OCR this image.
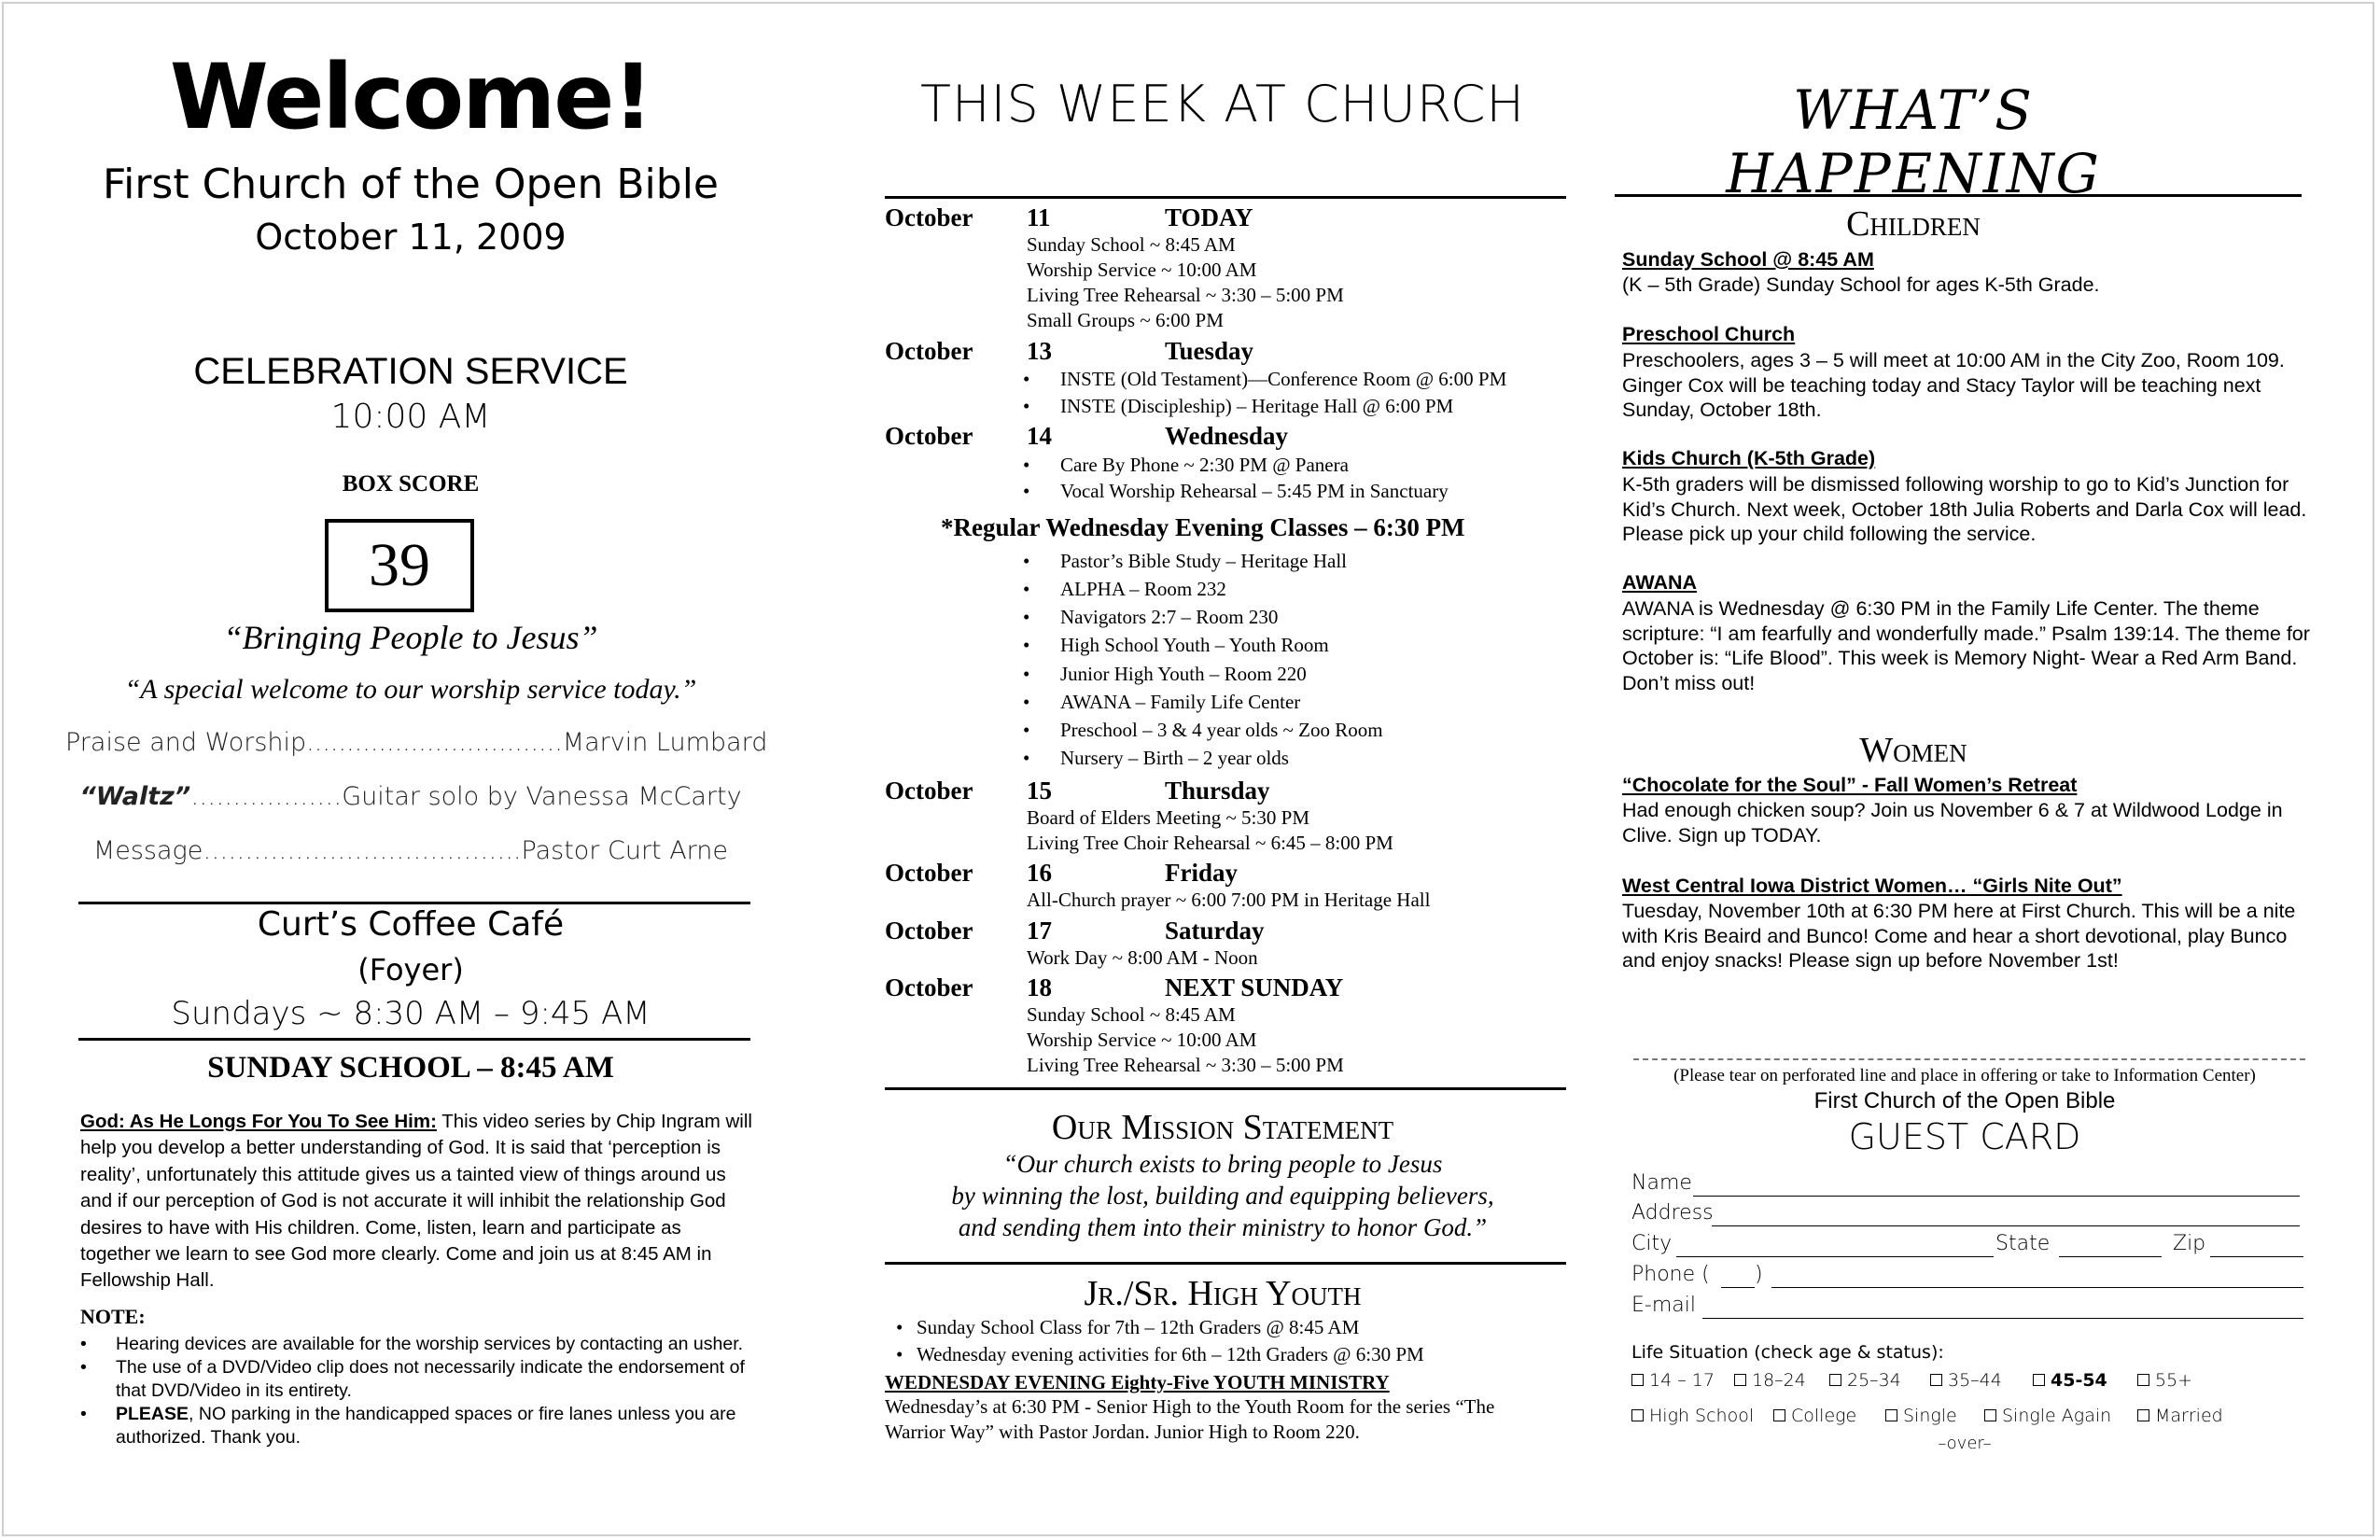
Welcome!
First Church of the Open Bible
October 11, 2009
CELEBRATION SERVICE
10:00 AM
BOX SCORE
39
“Bringing People to Jesus”
“A special welcome to our worship service today.”
Praise and Worship................................Marvin Lumbard
“Waltz”………………Guitar solo by Vanessa McCarty
Message………………………………..Pastor Curt Arne
Curt’s Coffee Café
(Foyer)
Sundays ~ 8:30 AM – 9:45 AM
SUNDAY SCHOOL – 8:45 AM
God: As He Longs For You To See Him: This video series by Chip Ingram will help you develop a better understanding of God. It is said that ‘perception is reality’, unfortunately this attitude gives us a tainted view of things around us and if our perception of God is not accurate it will inhibit the relationship God desires to have with His children. Come, listen, learn and participate as together we learn to see God more clearly. Come and join us at 8:45 AM in Fellowship Hall.
NOTE:
• Hearing devices are available for the worship services by contacting an usher.
• The use of a DVD/Video clip does not necessarily indicate the endorsement of that DVD/Video in its entirety.
• PLEASE, NO parking in the handicapped spaces or fire lanes unless you are authorized. Thank you.
THIS WEEK AT CHURCH
October 11	TODAY
Sunday School ~ 8:45 AM
Worship Service ~ 10:00 AM
Living Tree Rehearsal ~ 3:30 – 5:00 PM
Small Groups ~ 6:00 PM
October 13	Tuesday
• INSTE (Old Testament)—Conference Room @ 6:00 PM
• INSTE (Discipleship) – Heritage Hall @ 6:00 PM
October 14	Wednesday
• Care By Phone ~ 2:30 PM @ Panera
• Vocal Worship Rehearsal – 5:45 PM in Sanctuary
*Regular Wednesday Evening Classes – 6:30 PM
• Pastor’s Bible Study – Heritage Hall
• ALPHA – Room 232
• Navigators 2:7 – Room 230
• High School Youth – Youth Room
• Junior High Youth – Room 220
• AWANA – Family Life Center
• Preschool – 3 & 4 year olds ~ Zoo Room
• Nursery – Birth – 2 year olds
October 15	Thursday
Board of Elders Meeting ~ 5:30 PM
Living Tree Choir Rehearsal ~ 6:45 – 8:00 PM
October 16	Friday
All-Church prayer ~ 6:00 7:00 PM in Heritage Hall
October 17	Saturday
Work Day ~ 8:00 AM - Noon
October 18	NEXT SUNDAY
Sunday School ~ 8:45 AM
Worship Service ~ 10:00 AM
Living Tree Rehearsal ~ 3:30 – 5:00 PM
Our Mission Statement
“Our church exists to bring people to Jesus
by winning the lost, building and equipping believers,
and sending them into their ministry to honor God.”
Jr./Sr. High Youth
• Sunday School Class for 7th – 12th Graders @ 8:45 AM
• Wednesday evening activities for 6th – 12th Graders @ 6:30 PM
WEDNESDAY EVENING Eighty-Five YOUTH MINISTRY
Wednesday’s at 6:30 PM - Senior High to the Youth Room for the series “The Warrior Way” with Pastor Jordan. Junior High to Room 220.
WHAT’S HAPPENING
Children
Sunday School @ 8:45 AM
(K – 5th Grade) Sunday School for ages K-5th Grade.
Preschool Church
Preschoolers, ages 3 – 5 will meet at 10:00 AM in the City Zoo, Room 109. Ginger Cox will be teaching today and Stacy Taylor will be teaching next Sunday, October 18th.
Kids Church (K-5th Grade)
K-5th graders will be dismissed following worship to go to Kid’s Junction for Kid’s Church. Next week, October 18th Julia Roberts and Darla Cox will lead. Please pick up your child following the service.
AWANA
AWANA is Wednesday @ 6:30 PM in the Family Life Center. The theme scripture: “I am fearfully and wonderfully made.” Psalm 139:14. The theme for October is: “Life Blood”. This week is Memory Night- Wear a Red Arm Band. Don’t miss out!
Women
“Chocolate for the Soul” - Fall Women’s Retreat
Had enough chicken soup? Join us November 6 & 7 at Wildwood Lodge in Clive. Sign up TODAY.
West Central Iowa District Women… “Girls Nite Out”
Tuesday, November 10th at 6:30 PM here at First Church. This will be a nite with Kris Beaird and Bunco! Come and hear a short devotional, play Bunco and enjoy snacks! Please sign up before November 1st!
(Please tear on perforated line and place in offering or take to Information Center)
First Church of the Open Bible
GUEST CARD
Name
Address
City	State	Zip
Phone ( )
E-mail
Life Situation (check age & status):
14 – 17	18–24	25–34	35–44	45-54	55+
High School	College	Single	Single Again	Married
–over–
